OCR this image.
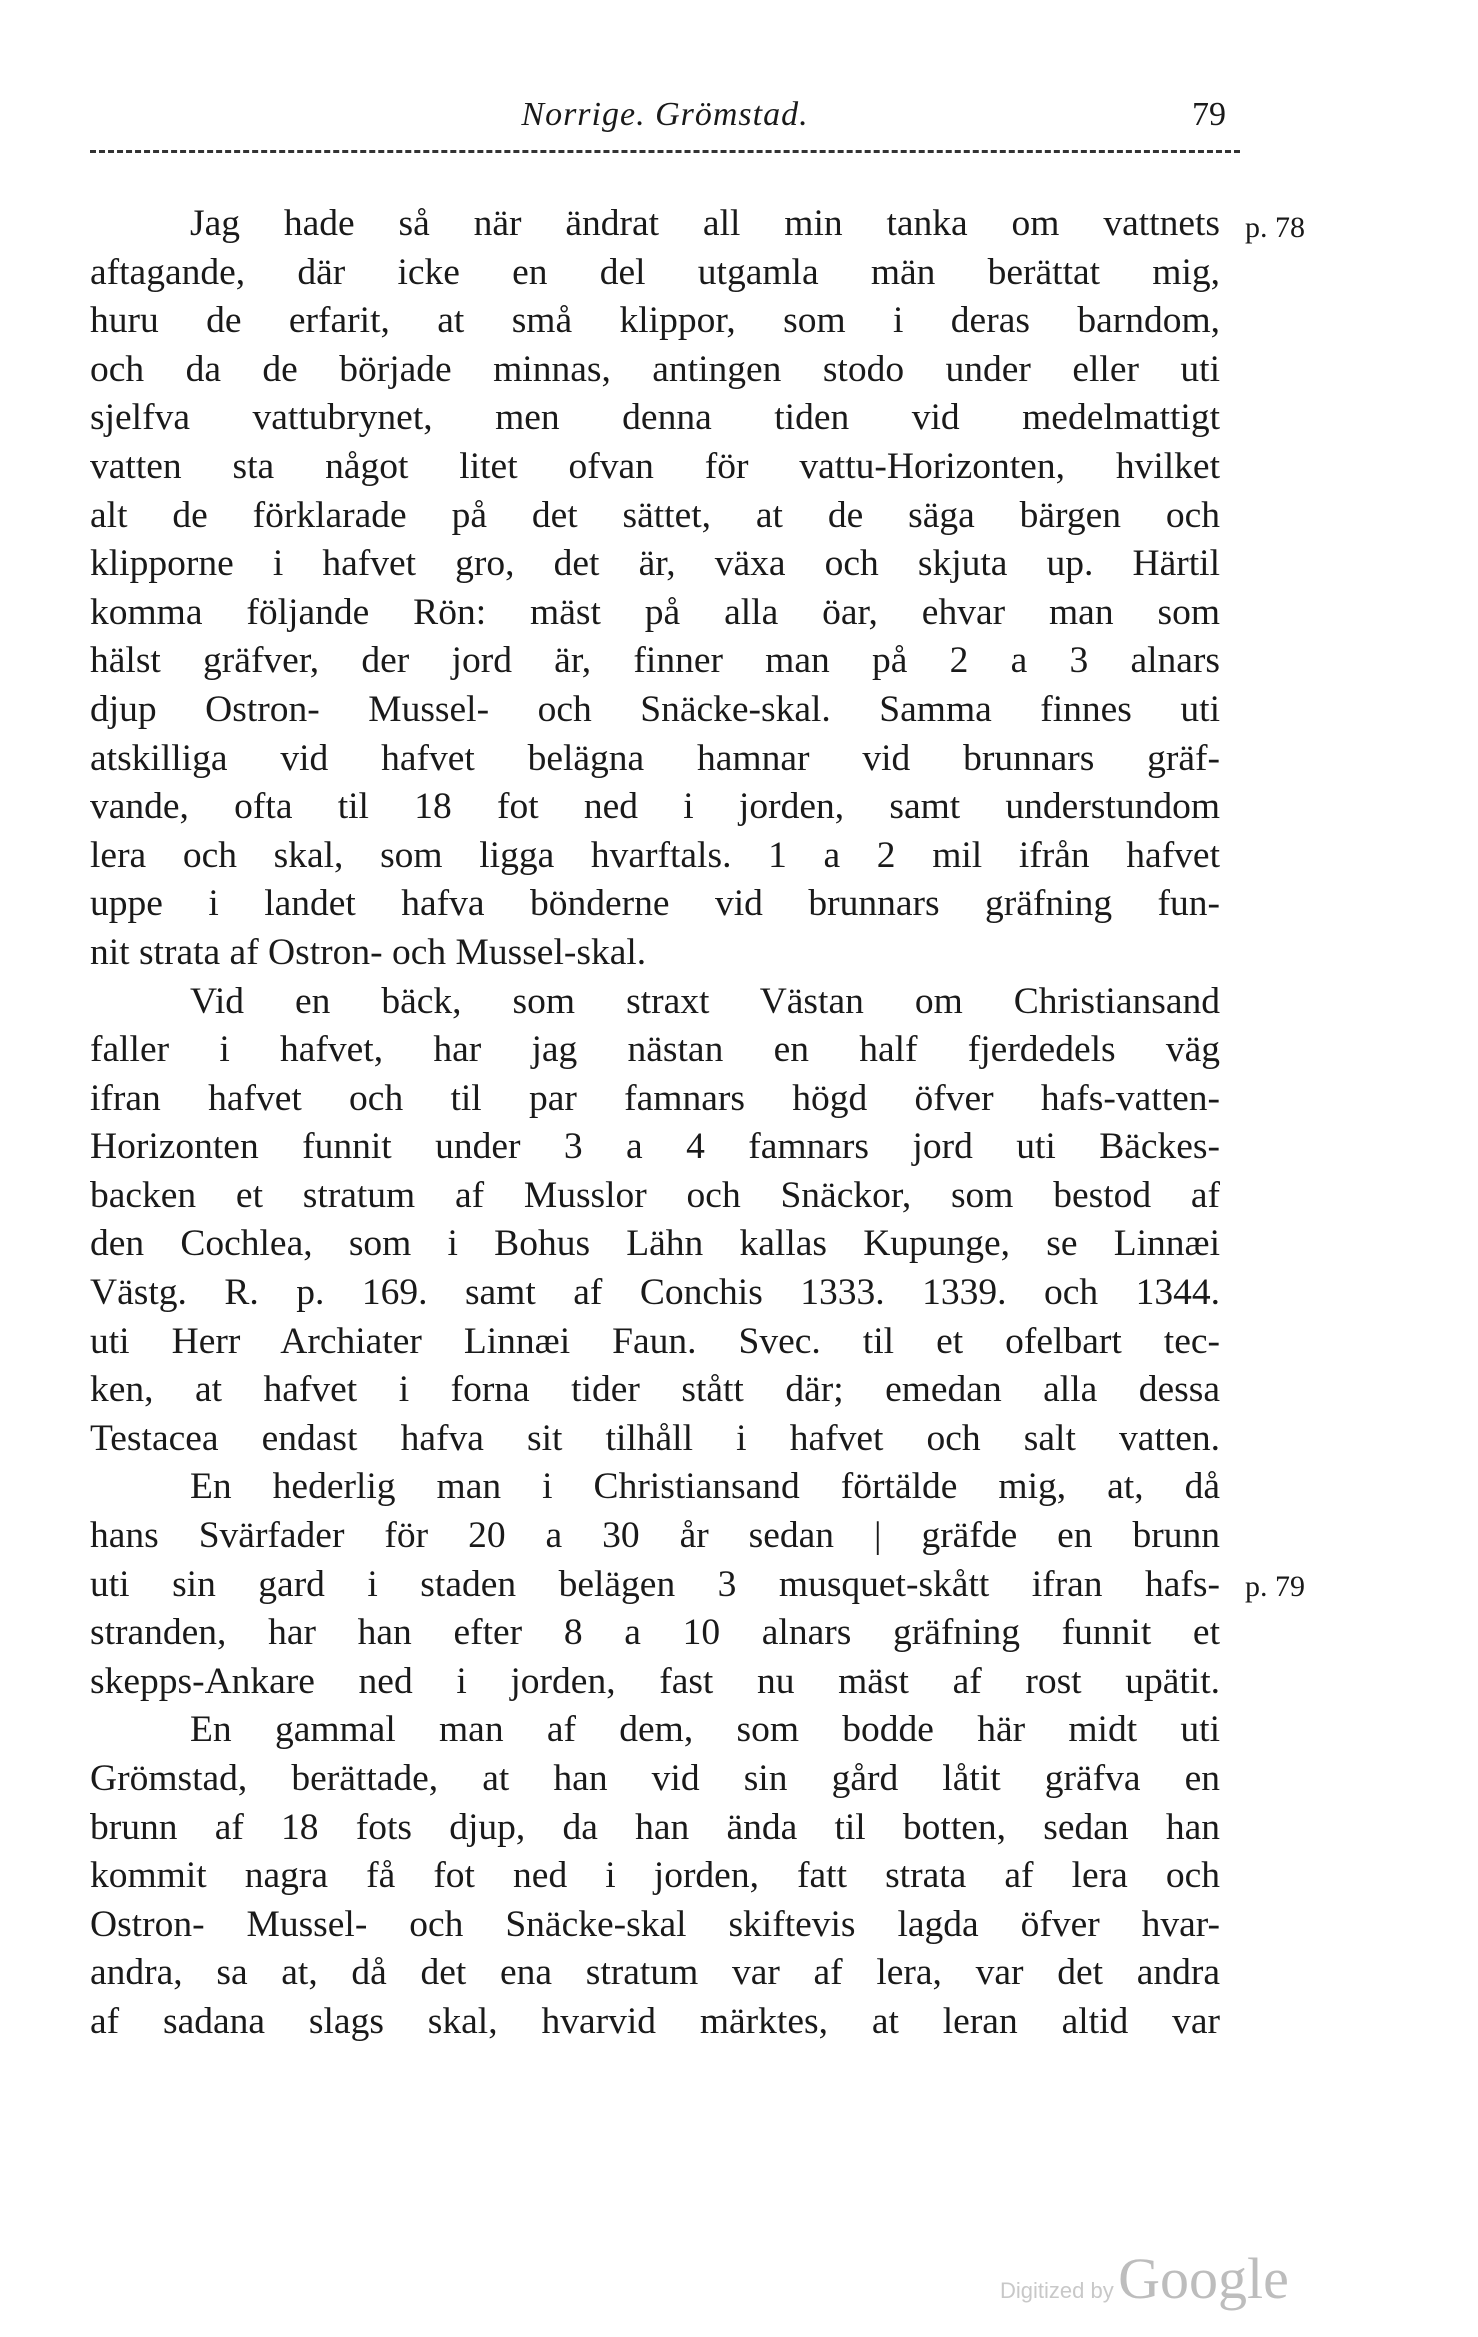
Norrige. Grömstad.	79
Jag hade så när ändrat all min tanka om vattnets
aftagande, där icke en del utgamla män berättat mig,
huru de erfarit, at små klippor, som i deras barndom,
och da de började minnas, antingen stodo under eller uti
sjelfva vattubrynet, men denna tiden vid medelmattigt
vatten sta något litet ofvan för vattu-Horizonten, hvilket
alt de förklarade på det sättet, at de säga bärgen och
klipporne i hafvet gro, det är, växa och skjuta up. Härtil
komma följande Rön: mäst på alla öar, ehvar man som
hälst gräfver, der jord är, finner man på 2 a 3 alnars
djup Ostron- Mussel- och Snäcke-skal. Samma finnes uti
atskilliga vid hafvet belägna hamnar vid brunnars gräf-
vande, ofta til 18 fot ned i jorden, samt understundom
lera och skal, som ligga hvarftals. 1 a 2 mil ifrån hafvet
uppe i landet hafva bönderne vid brunnars gräfning fun-
nit strata af Ostron- och Mussel-skal.
Vid en bäck, som straxt Västan om Christiansand
faller i hafvet, har jag nästan en half fjerdedels väg
ifran hafvet och til par famnars högd öfver hafs-vatten-
Horizonten funnit under 3 a 4 famnars jord uti Bäckes-
backen et stratum af Musslor och Snäckor, som bestod af
den Cochlea, som i Bohus Lähn kallas Kupunge, se Linnæi
Västg. R. p. 169. samt af Conchis 1333. 1339. och 1344.
uti Herr Archiater Linnæi Faun. Svec. til et ofelbart tec-
ken, at hafvet i forna tider stått där; emedan alla dessa
Testacea endast hafva sit tilhåll i hafvet och salt vatten.
En hederlig man i Christiansand förtälde mig, at, då
hans Svärfader för 20 a 30 år sedan | gräfde en brunn
uti sin gard i staden belägen 3 musquet-skått ifran hafs-
stranden, har han efter 8 a 10 alnars gräfning funnit et
skepps-Ankare ned i jorden, fast nu mäst af rost upätit.
En gammal man af dem, som bodde här midt uti
Grömstad, berättade, at han vid sin gård låtit gräfva en
brunn af 18 fots djup, da han ända til botten, sedan han
kommit nagra få fot ned i jorden, fatt strata af lera och
Ostron- Mussel- och Snäcke-skal skiftevis lagda öfver hvar-
andra, sa at, då det ena stratum var af lera, var det andra
af sadana slags skal, hvarvid märktes, at leran altid var
p. 78
p. 79
Digitized by Google
